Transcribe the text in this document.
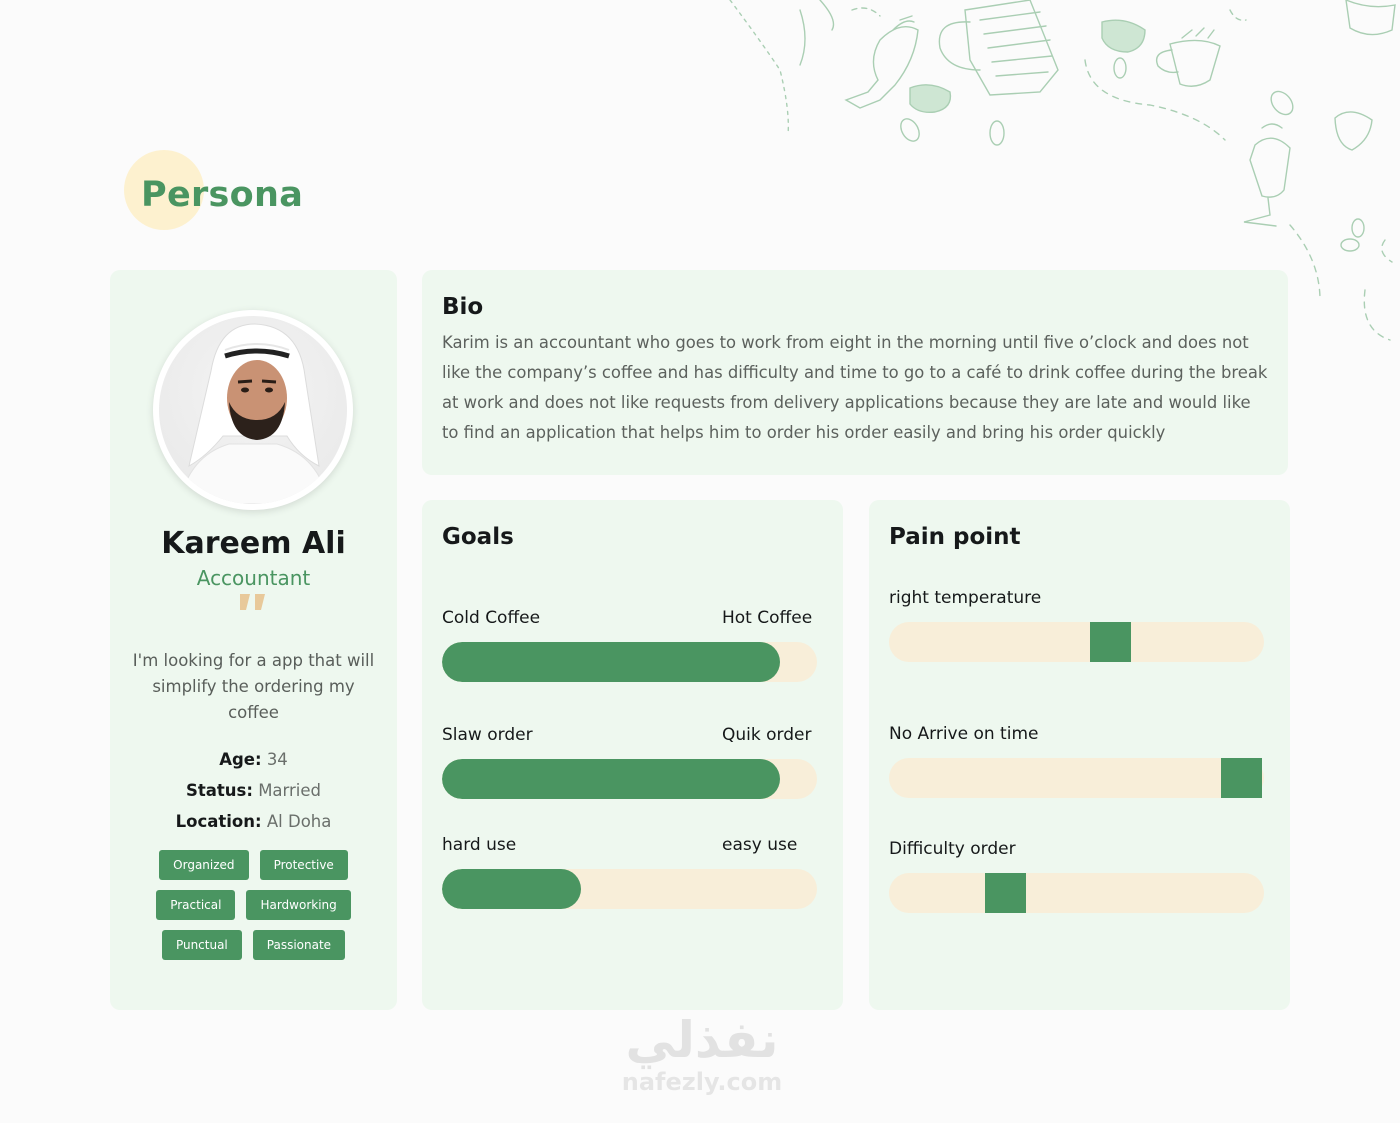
Persona
Kareem Ali
Accountant
I'm looking for a app that will simplify the ordering my coffee
Age: 34
Status: Married
Location: Al Doha
Organized	Protective
Practical	Hardworking
Punctual	Passionate
Bio
Karim is an accountant who goes to work from eight in the morning until five o’clock and does not like the company’s coffee and has difficulty and time to go to a café to drink coffee during the break at work and does not like requests from delivery applications because they are late and would like to find an application that helps him to order his order easily and bring his order quickly
Goals
Cold Coffee	Hot Coffee
Slaw order	Quik order
hard use	easy use
Pain point
right temperature
No Arrive on time
Difficulty order
نفذلي
nafezly.com
